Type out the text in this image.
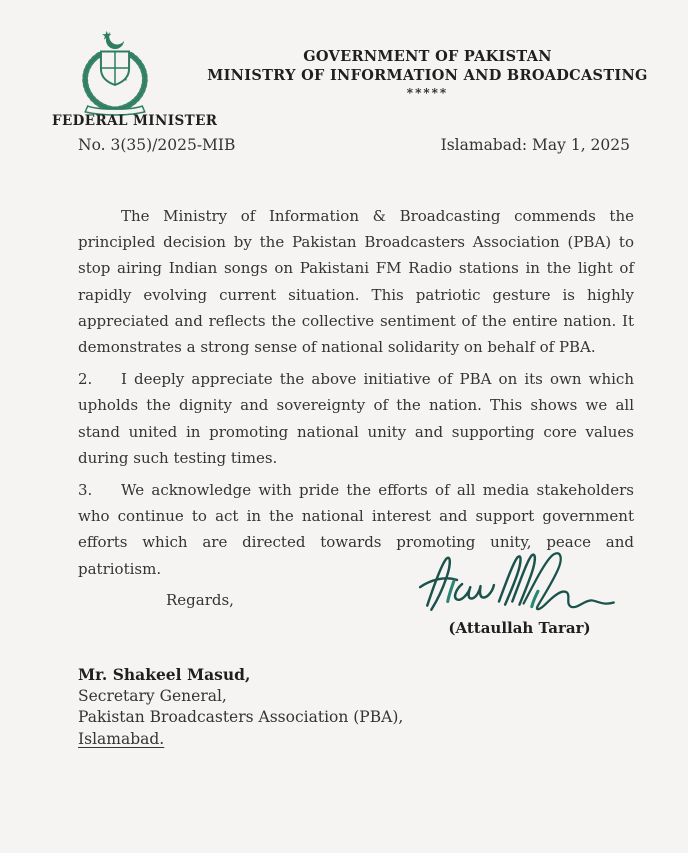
FEDERAL MINISTER
GOVERNMENT OF PAKISTAN
MINISTRY OF INFORMATION AND BROADCASTING
*****
No. 3(35)/2025-MIB	Islamabad: May 1, 2025

The Ministry of Information & Broadcasting commends the principled decision by the Pakistan Broadcasters Association (PBA) to stop airing Indian songs on Pakistani FM Radio stations in the light of rapidly evolving current situation. This patriotic gesture is highly appreciated and reflects the collective sentiment of the entire nation. It demonstrates a strong sense of national solidarity on behalf of PBA.

2. I deeply appreciate the above initiative of PBA on its own which upholds the dignity and sovereignty of the nation. This shows we all stand united in promoting national unity and supporting core values during such testing times.

3. We acknowledge with pride the efforts of all media stakeholders who continue to act in the national interest and support government efforts which are directed towards promoting unity, peace and patriotism.

Regards,
(Attaullah Tarar)
Mr. Shakeel Masud,
Secretary General,
Pakistan Broadcasters Association (PBA),
Islamabad.
